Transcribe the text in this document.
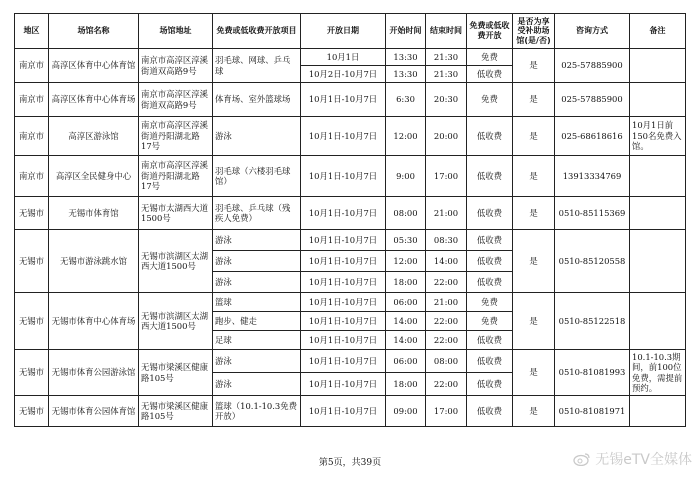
地区	场馆名称	场馆地址	免费或低收费开放项目	开放日期	开始时间	结束时间	免费或低收费开放	是否为享受补助场馆(是/否)	咨询方式	备注
南京市	高淳区体育中心体育馆	南京市高淳区淳溪街道双高路9号	羽毛球、网球、乒乓球	10月1日	13:30	21:30	免费	是	025-57885900	
				10月2日-10月7日	13:30	21:30	低收费			
南京市	高淳区体育中心体育场	南京市高淳区淳溪街道双高路9号	体育场、室外篮球场	10月1日-10月7日	6:30	20:30	免费	是	025-57885900	
南京市	高淳区游泳馆	南京市高淳区淳溪街道丹阳湖北路17号	游泳	10月1日-10月7日	12:00	20:00	低收费	是	025-68618616	10月1日前150名免费入馆。
南京市	高淳区全民健身中心	南京市高淳区淳溪街道丹阳湖北路17号	羽毛球（六楼羽毛球馆）	10月1日-10月7日	9:00	17:00	低收费	是	13913334769	
无锡市	无锡市体育馆	无锡市太湖西大道1500号	羽毛球、乒乓球（残疾人免费）	10月1日-10月7日	08:00	21:00	低收费	是	0510-85115369	
无锡市	无锡市游泳跳水馆	无锡市滨湖区太湖西大道1500号	游泳	10月1日-10月7日	05:30	08:30	低收费	是	0510-85120558	
			游泳	10月1日-10月7日	12:00	14:00	低收费			
			游泳	10月1日-10月7日	18:00	22:00	低收费			
无锡市	无锡市体育中心体育场	无锡市滨湖区太湖西大道1500号	篮球	10月1日-10月7日	06:00	21:00	免费	是	0510-85122518	
			跑步、健走	10月1日-10月7日	14:00	22:00	免费			
			足球	10月1日-10月7日	14:00	22:00	低收费			
无锡市	无锡市体育公园游泳馆	无锡市梁溪区健康路105号	游泳	10月1日-10月7日	06:00	08:00	低收费	是	0510-81081993	10.1-10.3期间，前100位免费，需提前预约。
			游泳	10月1日-10月7日	18:00	22:00	低收费			
无锡市	无锡市体育公园体育馆	无锡市梁溪区健康路105号	篮球（10.1-10.3免费开放）	10月1日-10月7日	09:00	17:00	低收费	是	0510-81081971	
第5页，共39页	无锡eTV全媒体
